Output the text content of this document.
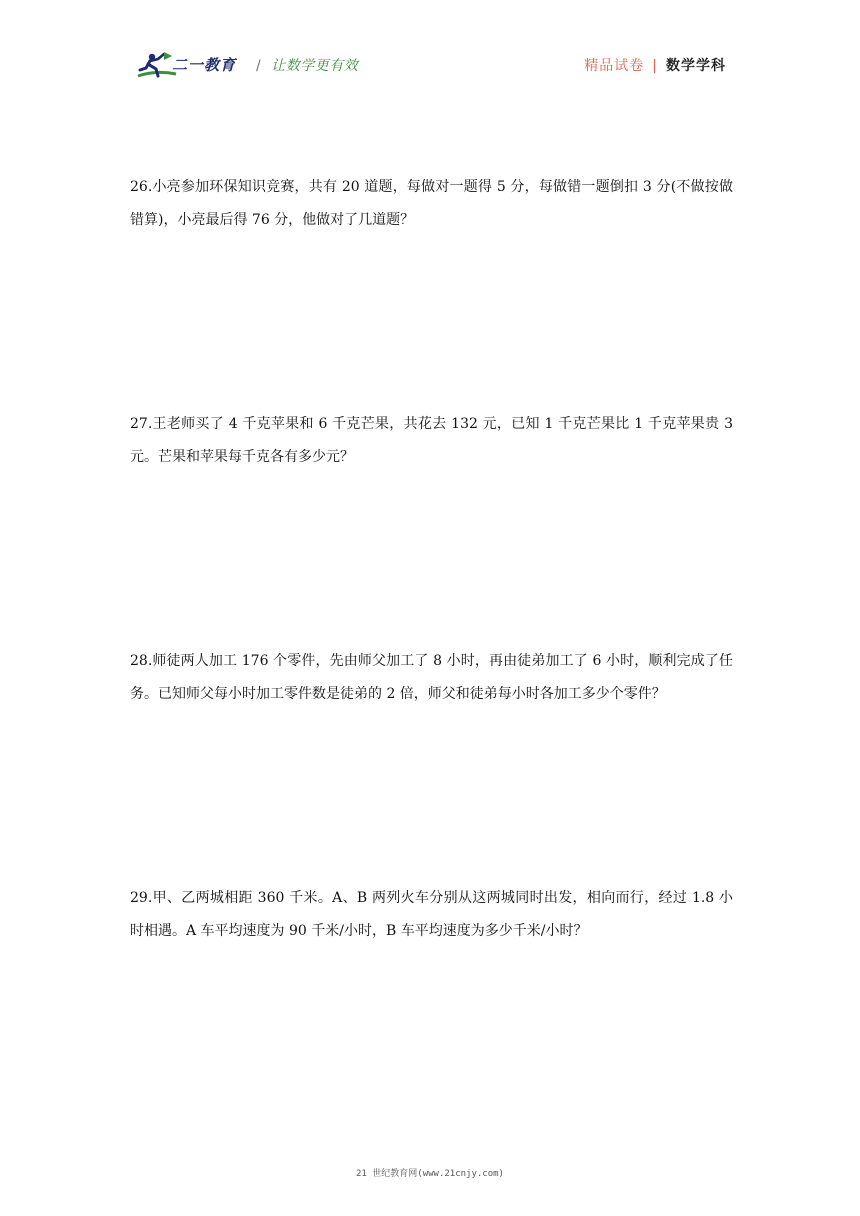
二一教育 / 让数学更有效	精品试卷 | 数学学科
26.小亮参加环保知识竞赛，共有 20 道题，每做对一题得 5 分，每做错一题倒扣 3 分(不做按做错算)，小亮最后得 76 分，他做对了几道题？
27.王老师买了 4 千克苹果和 6 千克芒果，共花去 132 元，已知 1 千克芒果比 1 千克苹果贵 3 元。芒果和苹果每千克各有多少元？
28.师徒两人加工 176 个零件，先由师父加工了 8 小时，再由徒弟加工了 6 小时，顺利完成了任务。已知师父每小时加工零件数是徒弟的 2 倍，师父和徒弟每小时各加工多少个零件？
29.甲、乙两城相距 360 千米。A、B 两列火车分别从这两城同时出发，相向而行，经过 1.8 小时相遇。A 车平均速度为 90 千米/小时，B 车平均速度为多少千米/小时？
21 世纪教育网(www.21cnjy.com)
